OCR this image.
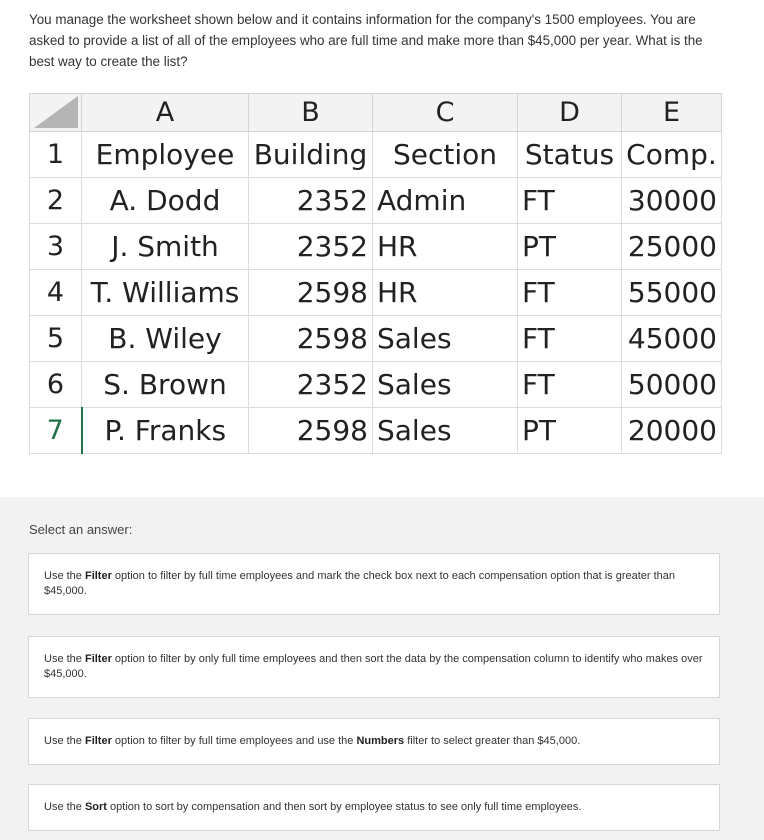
You manage the worksheet shown below and it contains information for the company's 1500 employees. You are asked to provide a list of all of the employees who are full time and make more than $45,000 per year. What is the best way to create the list?
	A	B	C	D	E
1	Employee	Building	Section	Status	Comp.
2	A. Dodd	2352	Admin	FT	30000
3	J. Smith	2352	HR	PT	25000
4	T. Williams	2598	HR	FT	55000
5	B. Wiley	2598	Sales	FT	45000
6	S. Brown	2352	Sales	FT	50000
7	P. Franks	2598	Sales	PT	20000
Select an answer:
Use the Filter option to filter by full time employees and mark the check box next to each compensation option that is greater than $45,000.
Use the Filter option to filter by only full time employees and then sort the data by the compensation column to identify who makes over $45,000.
Use the Filter option to filter by full time employees and use the Numbers filter to select greater than $45,000.
Use the Sort option to sort by compensation and then sort by employee status to see only full time employees.
